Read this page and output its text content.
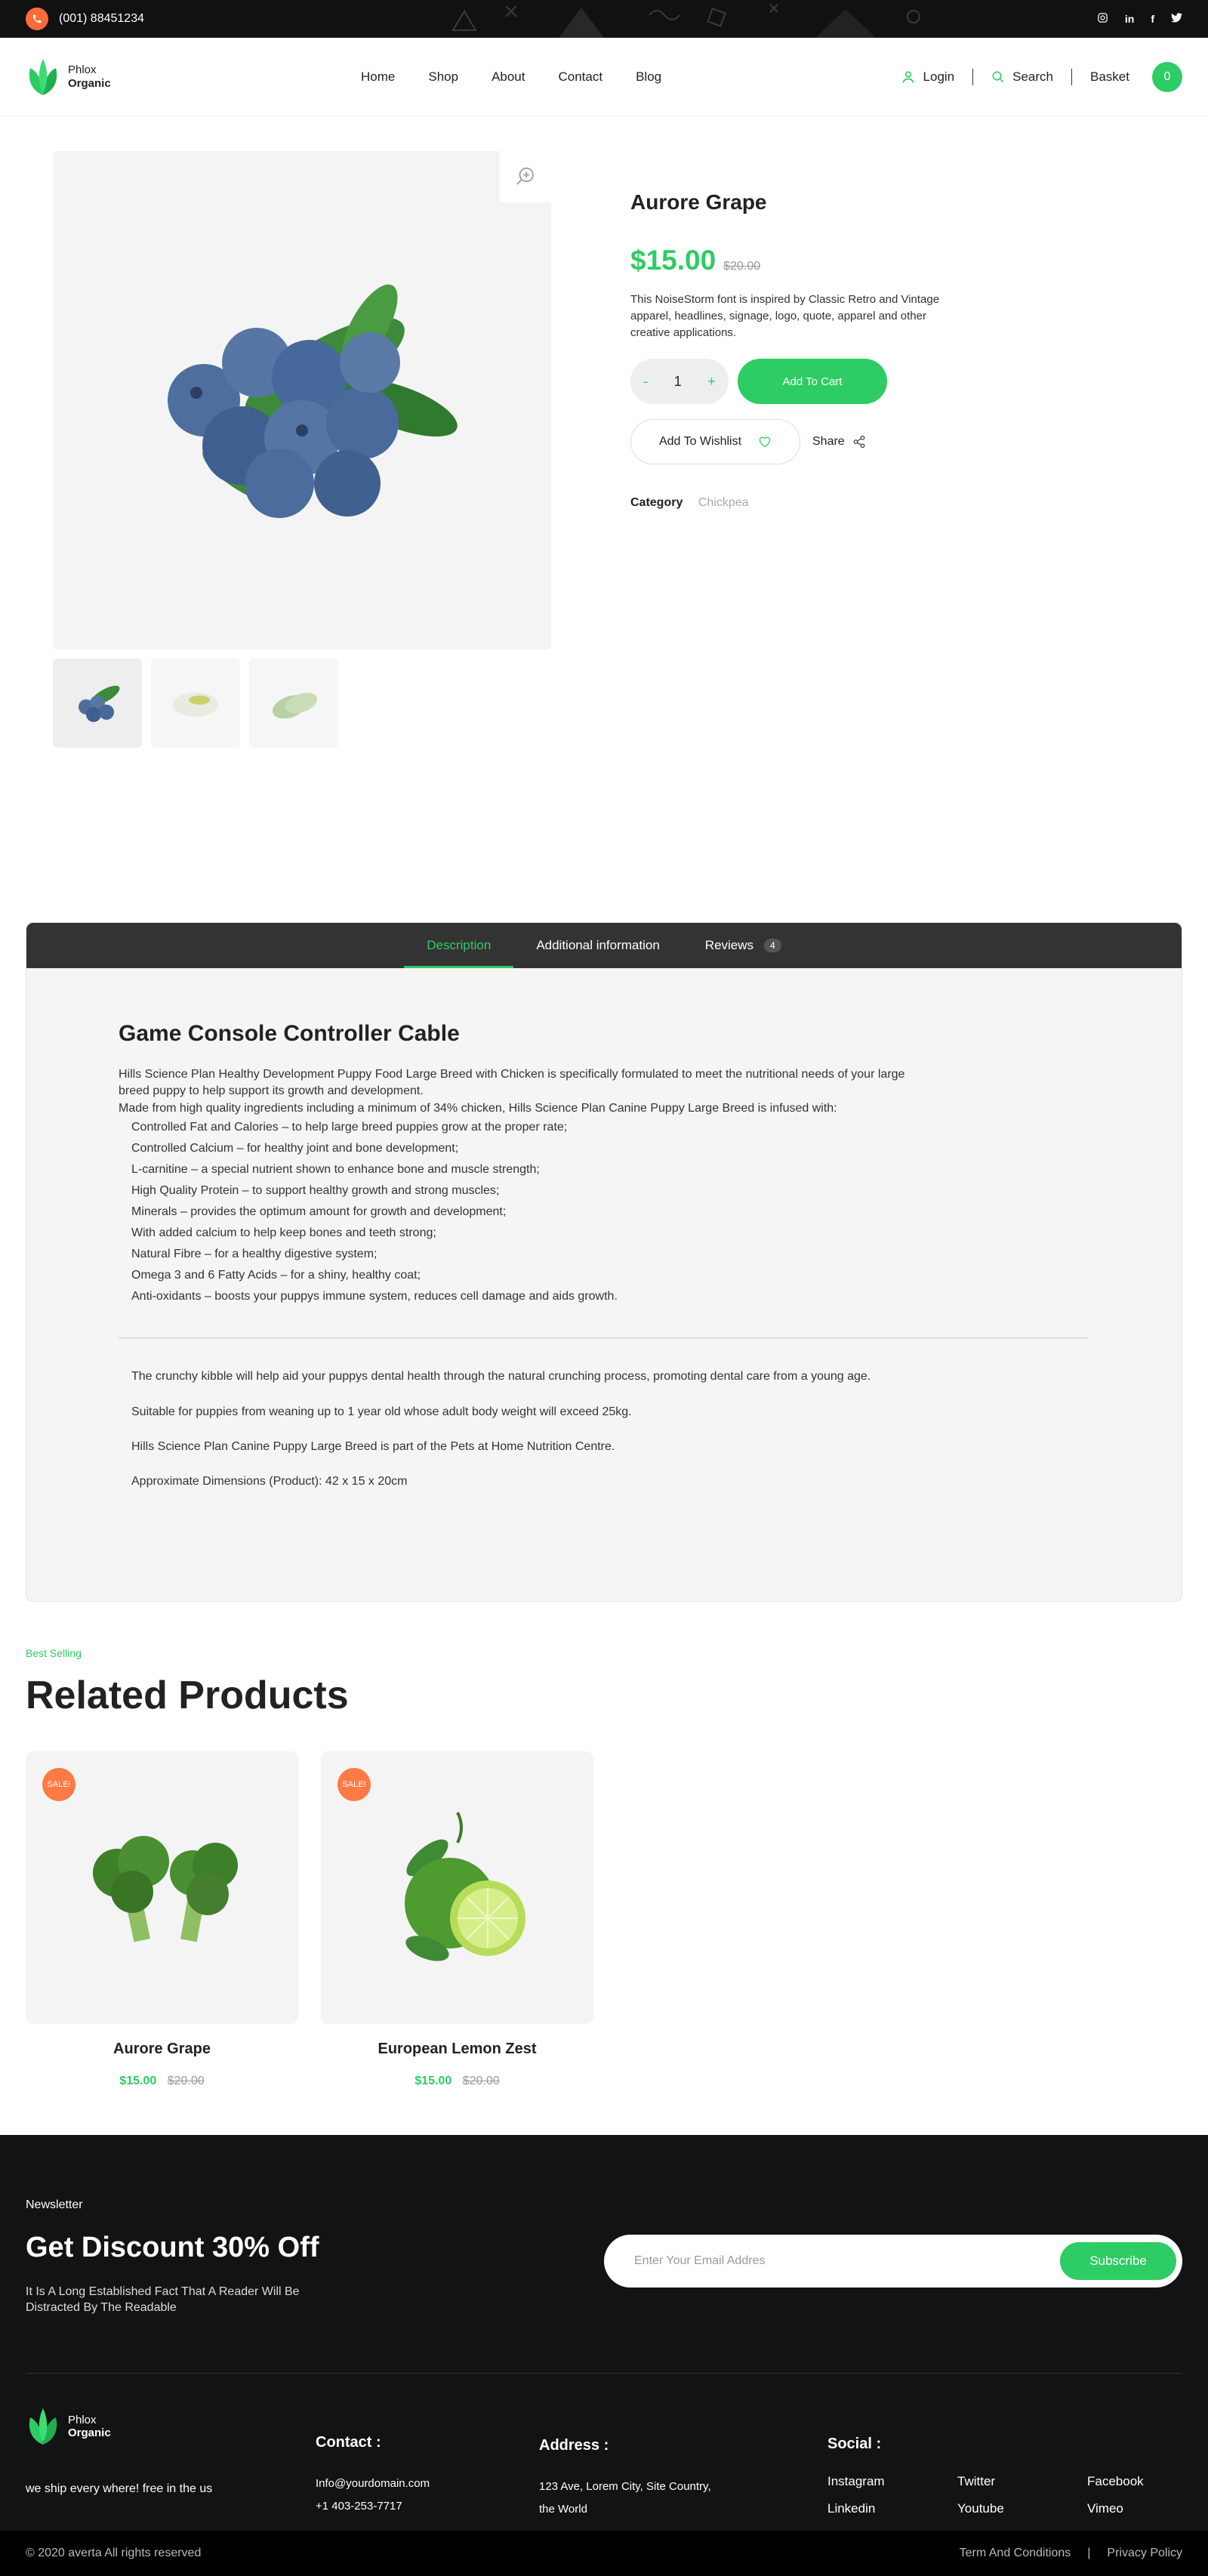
(001) 88451234	in f
Phlox
Organic	Home	Shop	About	Contact	Blog	Login	Search	Basket	0
Aurore Grape
$15.00 $20.00

This NoiseStorm font is inspired by Classic Retro and Vintage apparel, headlines, signage, logo, quote, apparel and other creative applications.

- 1 +	Add To Cart
Add To Wishlist	Share
Category Chickpea
Description	Additional information	Reviews	4
Game Console Controller Cable

Hills Science Plan Healthy Development Puppy Food Large Breed with Chicken is specifically formulated to meet the nutritional needs of your large breed puppy to help support its growth and development.

Made from high quality ingredients including a minimum of 34% chicken, Hills Science Plan Canine Puppy Large Breed is infused with:

Controlled Fat and Calories – to help large breed puppies grow at the proper rate;
Controlled Calcium – for healthy joint and bone development;
L-carnitine – a special nutrient shown to enhance bone and muscle strength;
High Quality Protein – to support healthy growth and strong muscles;
Minerals – provides the optimum amount for growth and development;
With added calcium to help keep bones and teeth strong;
Natural Fibre – for a healthy digestive system;
Omega 3 and 6 Fatty Acids – for a shiny, healthy coat;
Anti-oxidants – boosts your puppys immune system, reduces cell damage and aids growth.

The crunchy kibble will help aid your puppys dental health through the natural crunching process, promoting dental care from a young age.

Suitable for puppies from weaning up to 1 year old whose adult body weight will exceed 25kg.

Hills Science Plan Canine Puppy Large Breed is part of the Pets at Home Nutrition Centre.

Approximate Dimensions (Product): 42 x 15 x 20cm

Best Selling
Related Products
SALE!
Aurore Grape
$15.00 $20.00
SALE!
European Lemon Zest
$15.00 $20.00
Newsletter
Get Discount 30% Off
It Is A Long Established Fact That A Reader Will Be Distracted By The Readable
Enter Your Email Addres
Subscribe
Phlox
Organic
we ship every where! free in the us
Contact :
Info@yourdomain.com
+1 403-253-7717
Address :
123 Ave, Lorem City, Site Country,
the World
Social :
Instagram	Twitter	Facebook
Linkedin	Youtube	Vimeo
© 2020 averta All rights reserved	Term And Conditions | Privacy Policy
